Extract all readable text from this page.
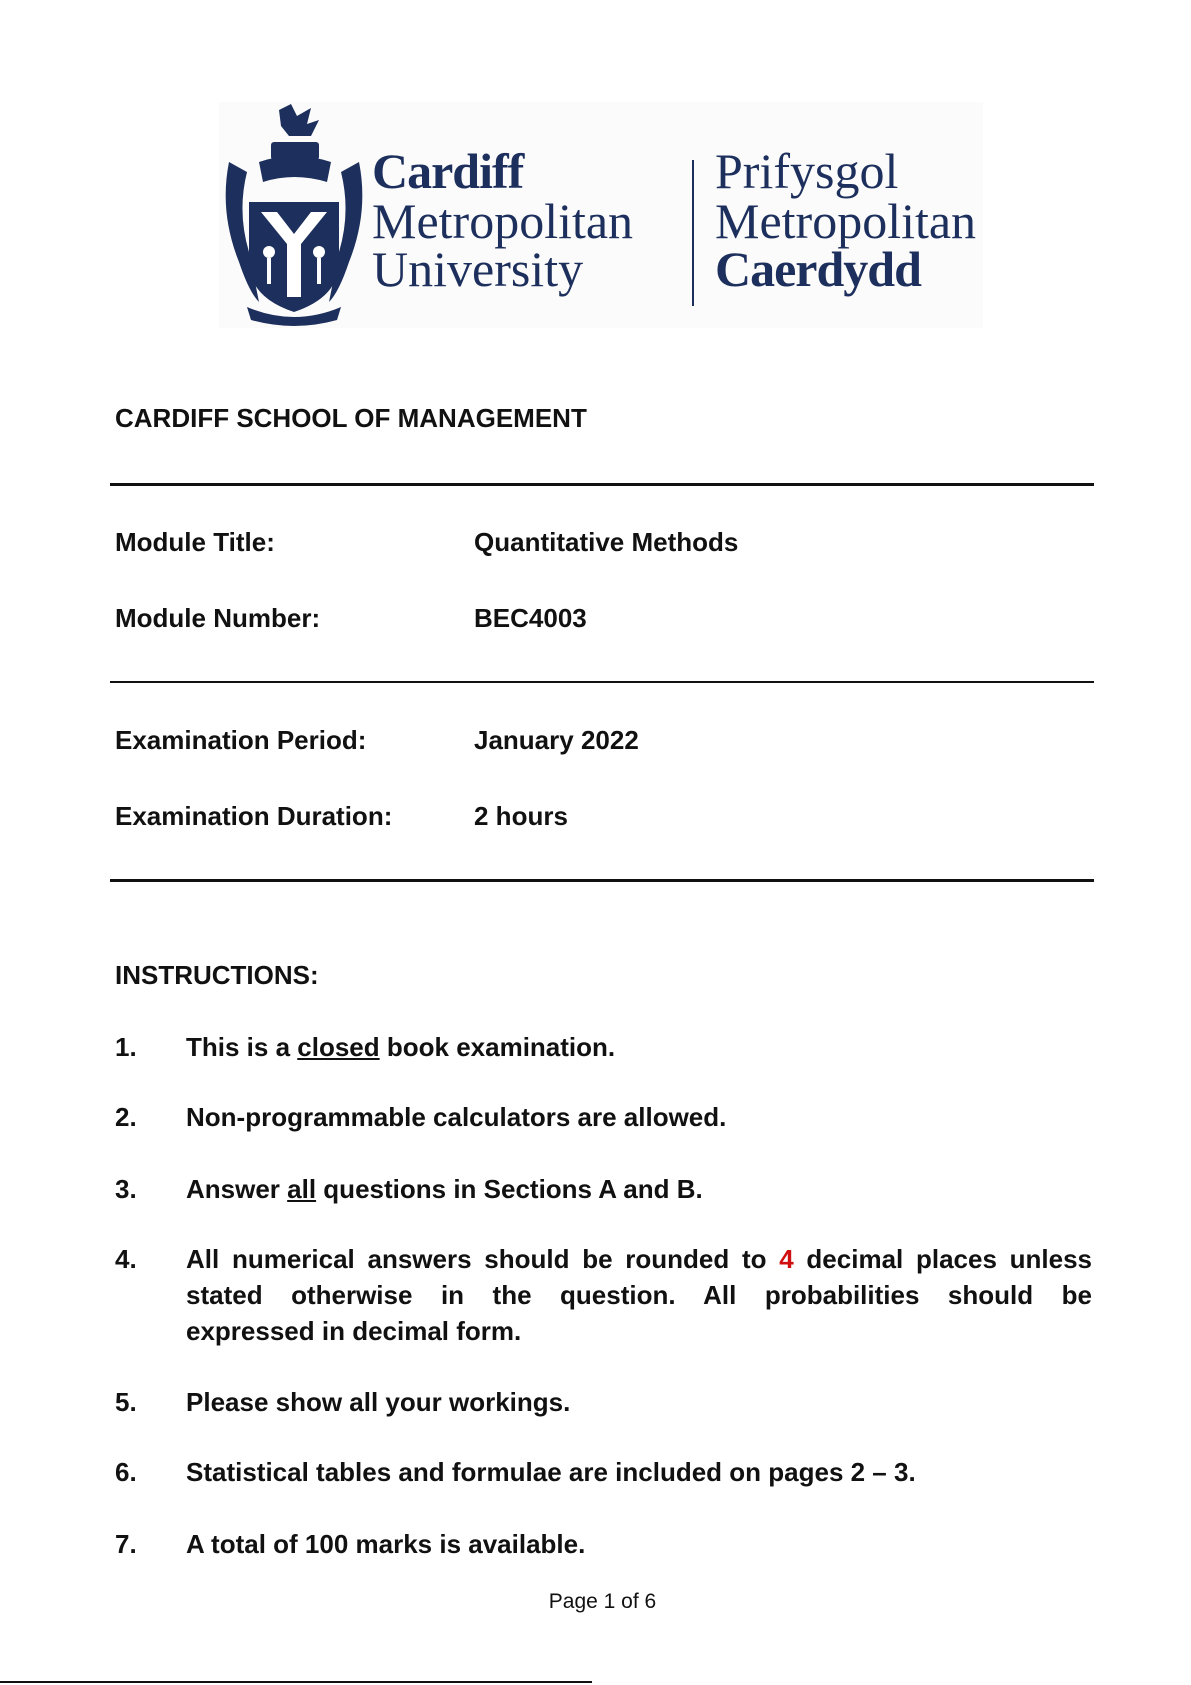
Cardiff
Metropolitan
University
Prifysgol
Metropolitan
Caerdydd
CARDIFF SCHOOL OF MANAGEMENT
Module Title:	Quantitative Methods
Module Number:	BEC4003
Examination Period:	January 2022
Examination Duration:	2 hours
INSTRUCTIONS:
1. This is a closed book examination.
2. Non-programmable calculators are allowed.
3. Answer all questions in Sections A and B.
4. All numerical answers should be rounded to 4 decimal places unless
stated otherwise in the question. All probabilities should be
expressed in decimal form.
5. Please show all your workings.
6. Statistical tables and formulae are included on pages 2 – 3.
7. A total of 100 marks is available.
Page 1 of 6
